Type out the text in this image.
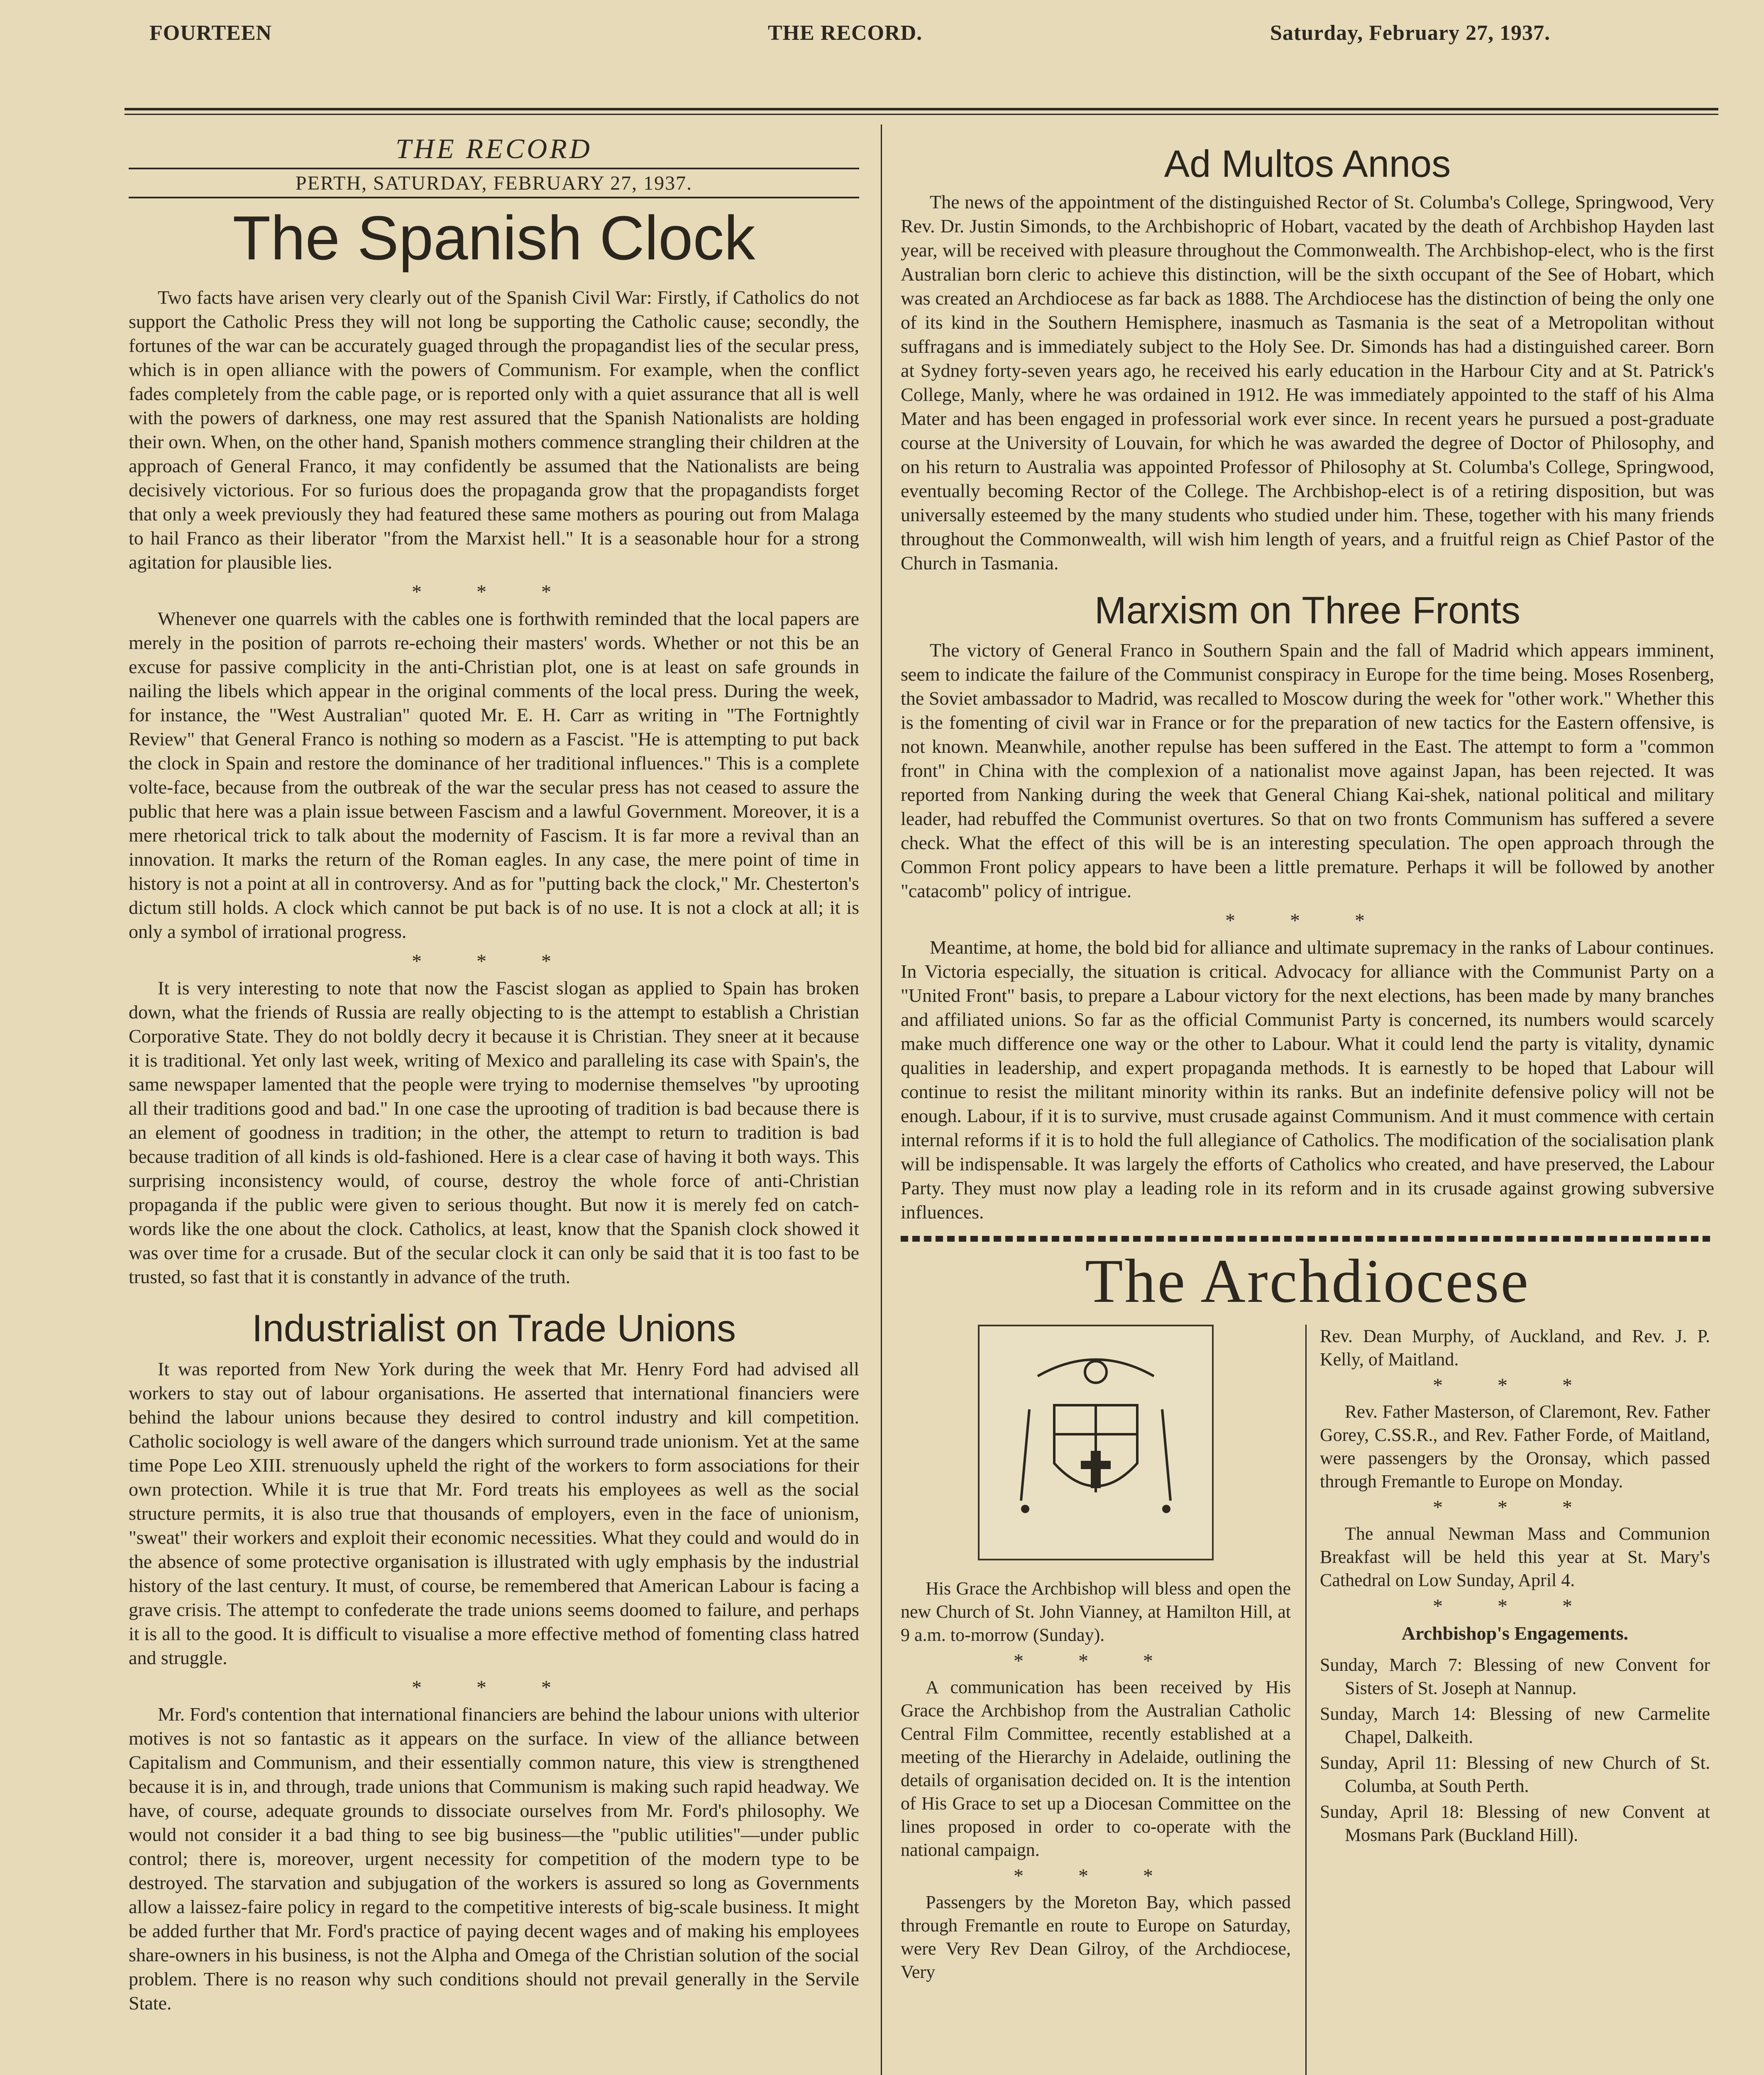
FOURTEEN	THE RECORD.	Saturday, February 27, 1937.
THE RECORD
PERTH, SATURDAY, FEBRUARY 27, 1937.
The Spanish Clock

Two facts have arisen very clearly out of the Spanish Civil War: Firstly, if Catholics do not support the Catholic Press they will not long be supporting the Catholic cause; secondly, the fortunes of the war can be accurately guaged through the propagandist lies of the secular press, which is in open alliance with the powers of Communism. For example, when the conflict fades completely from the cable page, or is reported only with a quiet assurance that all is well with the powers of darkness, one may rest assured that the Spanish Nationalists are holding their own. When, on the other hand, Spanish mothers commence strangling their children at the approach of General Franco, it may confidently be assumed that the Nationalists are being decisively victorious. For so furious does the propaganda grow that the propagandists forget that only a week previously they had featured these same mothers as pouring out from Malaga to hail Franco as their liberator "from the Marxist hell." It is a seasonable hour for a strong agitation for plausible lies.

* * *

Whenever one quarrels with the cables one is forthwith reminded that the local papers are merely in the position of parrots re-echoing their masters' words. Whether or not this be an excuse for passive complicity in the anti-Christian plot, one is at least on safe grounds in nailing the libels which appear in the original comments of the local press. During the week, for instance, the "West Australian" quoted Mr. E. H. Carr as writing in "The Fortnightly Review" that General Franco is nothing so modern as a Fascist. "He is attempting to put back the clock in Spain and restore the dominance of her traditional influences." This is a complete volte-face, because from the outbreak of the war the secular press has not ceased to assure the public that here was a plain issue between Fascism and a lawful Government. Moreover, it is a mere rhetorical trick to talk about the modernity of Fascism. It is far more a revival than an innovation. It marks the return of the Roman eagles. In any case, the mere point of time in history is not a point at all in controversy. And as for "putting back the clock," Mr. Chesterton's dictum still holds. A clock which cannot be put back is of no use. It is not a clock at all; it is only a symbol of irrational progress.

* * *

It is very interesting to note that now the Fascist slogan as applied to Spain has broken down, what the friends of Russia are really objecting to is the attempt to establish a Christian Corporative State. They do not boldly decry it because it is Christian. They sneer at it because it is traditional. Yet only last week, writing of Mexico and paralleling its case with Spain's, the same newspaper lamented that the people were trying to modernise themselves "by uprooting all their traditions good and bad." In one case the uprooting of tradition is bad because there is an element of goodness in tradition; in the other, the attempt to return to tradition is bad because tradition of all kinds is old-fashioned. Here is a clear case of having it both ways. This surprising inconsistency would, of course, destroy the whole force of anti-Christian propaganda if the public were given to serious thought. But now it is merely fed on catch-words like the one about the clock. Catholics, at least, know that the Spanish clock showed it was over time for a crusade. But of the secular clock it can only be said that it is too fast to be trusted, so fast that it is constantly in advance of the truth.

Industrialist on Trade Unions

It was reported from New York during the week that Mr. Henry Ford had advised all workers to stay out of labour organisations. He asserted that international financiers were behind the labour unions because they desired to control industry and kill competition. Catholic sociology is well aware of the dangers which surround trade unionism. Yet at the same time Pope Leo XIII. strenuously upheld the right of the workers to form associations for their own protection. While it is true that Mr. Ford treats his employees as well as the social structure permits, it is also true that thousands of employers, even in the face of unionism, "sweat" their workers and exploit their economic necessities. What they could and would do in the absence of some protective organisation is illustrated with ugly emphasis by the industrial history of the last century. It must, of course, be remembered that American Labour is facing a grave crisis. The attempt to confederate the trade unions seems doomed to failure, and perhaps it is all to the good. It is difficult to visualise a more effective method of fomenting class hatred and struggle.

* * *

Mr. Ford's contention that international financiers are behind the labour unions with ulterior motives is not so fantastic as it appears on the surface. In view of the alliance between Capitalism and Communism, and their essentially common nature, this view is strengthened because it is in, and through, trade unions that Communism is making such rapid headway. We have, of course, adequate grounds to dissociate ourselves from Mr. Ford's philosophy. We would not consider it a bad thing to see big business—the "public utilities"—under public control; there is, moreover, urgent necessity for competition of the modern type to be destroyed. The starvation and subjugation of the workers is assured so long as Governments allow a laissez-faire policy in regard to the competitive interests of big-scale business. It might be added further that Mr. Ford's practice of paying decent wages and of making his employees share-owners in his business, is not the Alpha and Omega of the Christian solution of the social problem. There is no reason why such conditions should not prevail generally in the Servile State.

Ad Multos Annos

The news of the appointment of the distinguished Rector of St. Columba's College, Springwood, Very Rev. Dr. Justin Simonds, to the Archbishopric of Hobart, vacated by the death of Archbishop Hayden last year, will be received with pleasure throughout the Commonwealth. The Archbishop-elect, who is the first Australian born cleric to achieve this distinction, will be the sixth occupant of the See of Hobart, which was created an Archdiocese as far back as 1888. The Archdiocese has the distinction of being the only one of its kind in the Southern Hemisphere, inasmuch as Tasmania is the seat of a Metropolitan without suffragans and is immediately subject to the Holy See. Dr. Simonds has had a distinguished career. Born at Sydney forty-seven years ago, he received his early education in the Harbour City and at St. Patrick's College, Manly, where he was ordained in 1912. He was immediately appointed to the staff of his Alma Mater and has been engaged in professorial work ever since. In recent years he pursued a post-graduate course at the University of Louvain, for which he was awarded the degree of Doctor of Philosophy, and on his return to Australia was appointed Professor of Philosophy at St. Columba's College, Springwood, eventually becoming Rector of the College. The Archbishop-elect is of a retiring disposition, but was universally esteemed by the many students who studied under him. These, together with his many friends throughout the Commonwealth, will wish him length of years, and a fruitful reign as Chief Pastor of the Church in Tasmania.

Marxism on Three Fronts

The victory of General Franco in Southern Spain and the fall of Madrid which appears imminent, seem to indicate the failure of the Communist conspiracy in Europe for the time being. Moses Rosenberg, the Soviet ambassador to Madrid, was recalled to Moscow during the week for "other work." Whether this is the fomenting of civil war in France or for the preparation of new tactics for the Eastern offensive, is not known. Meanwhile, another repulse has been suffered in the East. The attempt to form a "common front" in China with the complexion of a nationalist move against Japan, has been rejected. It was reported from Nanking during the week that General Chiang Kai-shek, national political and military leader, had rebuffed the Communist overtures. So that on two fronts Communism has suffered a severe check. What the effect of this will be is an interesting speculation. The open approach through the Common Front policy appears to have been a little premature. Perhaps it will be followed by another "catacomb" policy of intrigue.

* * *

Meantime, at home, the bold bid for alliance and ultimate supremacy in the ranks of Labour continues. In Victoria especially, the situation is critical. Advocacy for alliance with the Communist Party on a "United Front" basis, to prepare a Labour victory for the next elections, has been made by many branches and affiliated unions. So far as the official Communist Party is concerned, its numbers would scarcely make much difference one way or the other to Labour. What it could lend the party is vitality, dynamic qualities in leadership, and expert propaganda methods. It is earnestly to be hoped that Labour will continue to resist the militant minority within its ranks. But an indefinite defensive policy will not be enough. Labour, if it is to survive, must crusade against Communism. And it must commence with certain internal reforms if it is to hold the full allegiance of Catholics. The modification of the socialisation plank will be indispensable. It was largely the efforts of Catholics who created, and have preserved, the Labour Party. They must now play a leading role in its reform and in its crusade against growing subversive influences.

The Archdiocese

His Grace the Archbishop will bless and open the new Church of St. John Vianney, at Hamilton Hill, at 9 a.m. to-morrow (Sunday).

* * *

A communication has been received by His Grace the Archbishop from the Australian Catholic Central Film Committee, recently established at a meeting of the Hierarchy in Adelaide, outlining the details of organisation decided on. It is the intention of His Grace to set up a Diocesan Committee on the lines proposed in order to co-operate with the national campaign.

* * *

Passengers by the Moreton Bay, which passed through Fremantle en route to Europe on Saturday, were Very Rev Dean Gilroy, of the Archdiocese, Very

Rev. Dean Murphy, of Auckland, and Rev. J. P. Kelly, of Maitland.

* * *

Rev. Father Masterson, of Claremont, Rev. Father Gorey, C.SS.R., and Rev. Father Forde, of Maitland, were passengers by the Oronsay, which passed through Fremantle to Europe on Monday.

* * *

The annual Newman Mass and Communion Breakfast will be held this year at St. Mary's Cathedral on Low Sunday, April 4.

* * *
Archbishop's Engagements.

Sunday, March 7: Blessing of new Convent for Sisters of St. Joseph at Nannup.

Sunday, March 14: Blessing of new Carmelite Chapel, Dalkeith.

Sunday, April 11: Blessing of new Church of St. Columba, at South Perth.

Sunday, April 18: Blessing of new Convent at Mosmans Park (Buckland Hill).
